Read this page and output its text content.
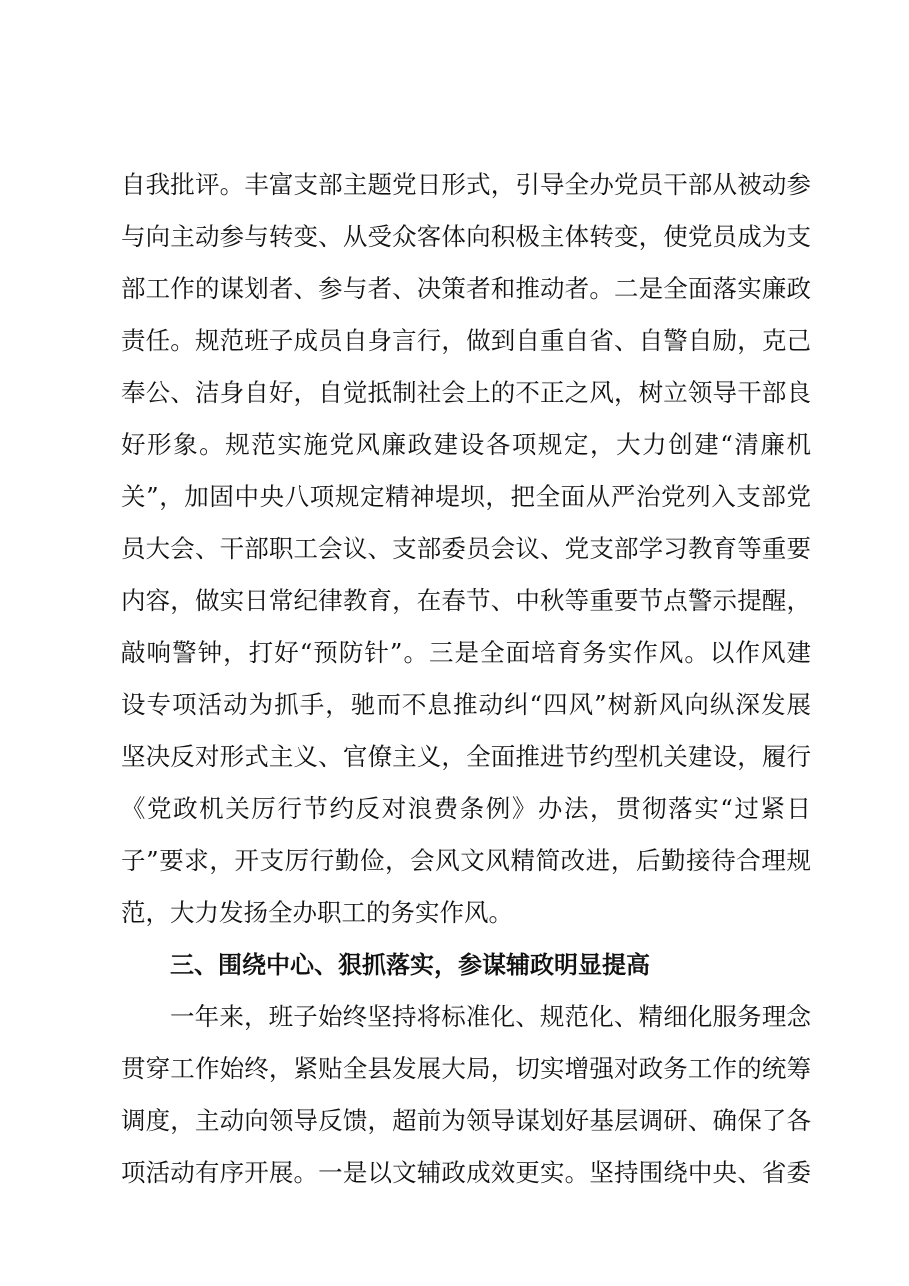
自我批评。丰富支部主题党日形式，引导全办党员干部从被动参
与向主动参与转变、从受众客体向积极主体转变，使党员成为支
部工作的谋划者、参与者、决策者和推动者。二是全面落实廉政
责任。规范班子成员自身言行，做到自重自省、自警自励，克己
奉公、洁身自好，自觉抵制社会上的不正之风，树立领导干部良
好形象。规范实施党风廉政建设各项规定，大力创建“清廉机
关”，加固中央八项规定精神堤坝，把全面从严治党列入支部党
员大会、干部职工会议、支部委员会议、党支部学习教育等重要
内容，做实日常纪律教育，在春节、中秋等重要节点警示提醒，
敲响警钟，打好“预防针”。三是全面培育务实作风。以作风建
设专项活动为抓手，驰而不息推动纠“四风”树新风向纵深发展
坚决反对形式主义、官僚主义，全面推进节约型机关建设，履行
《党政机关厉行节约反对浪费条例》办法，贯彻落实“过紧日
子”要求，开支厉行勤俭，会风文风精简改进，后勤接待合理规
范，大力发扬全办职工的务实作风。
三、围绕中心、狠抓落实，参谋辅政明显提高
一年来，班子始终坚持将标准化、规范化、精细化服务理念
贯穿工作始终，紧贴全县发展大局，切实增强对政务工作的统筹
调度，主动向领导反馈，超前为领导谋划好基层调研、确保了各
项活动有序开展。一是以文辅政成效更实。坚持围绕中央、省委
